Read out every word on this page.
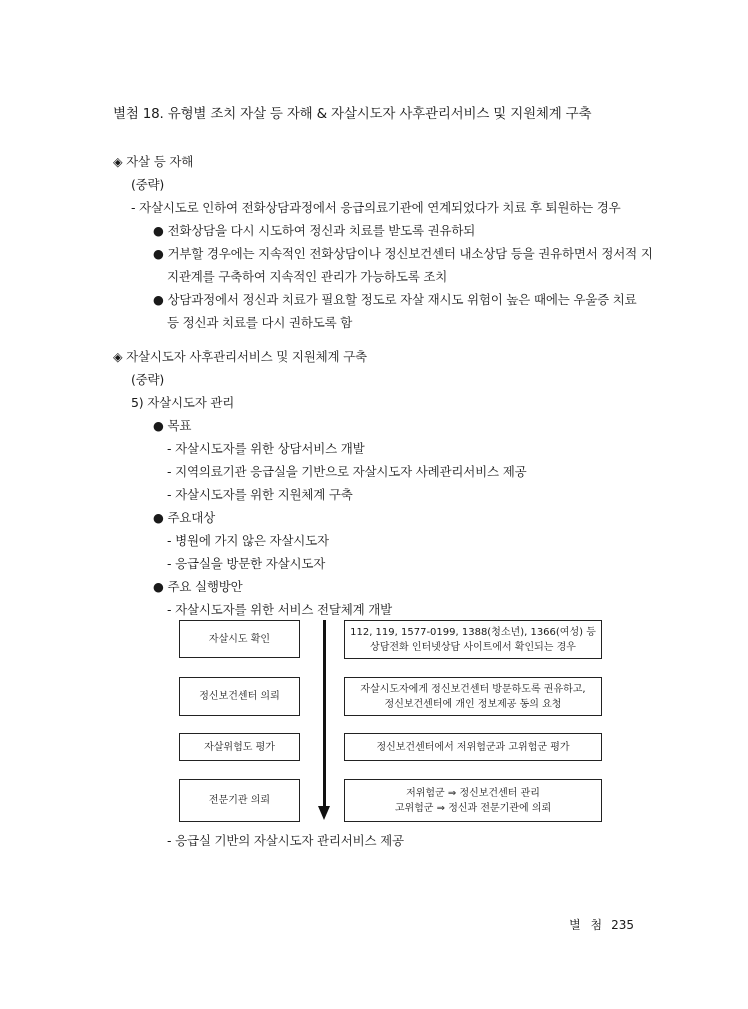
별첨 18. 유형별 조치 자살 등 자해 & 자살시도자 사후관리서비스 및 지원체계 구축
◈ 자살 등 자해
(중략)
- 자살시도로 인하여 전화상담과정에서 응급의료기관에 연계되었다가 치료 후 퇴원하는 경우
● 전화상담을 다시 시도하여 정신과 치료를 받도록 권유하되
● 거부할 경우에는 지속적인 전화상담이나 정신보건센터 내소상담 등을 권유하면서 정서적 지
지관계를 구축하여 지속적인 관리가 가능하도록 조치
● 상담과정에서 정신과 치료가 필요할 정도로 자살 재시도 위험이 높은 때에는 우울증 치료
등 정신과 치료를 다시 권하도록 함
◈ 자살시도자 사후관리서비스 및 지원체계 구축
(중략)
5) 자살시도자 관리
● 목표
- 자살시도자를 위한 상담서비스 개발
- 지역의료기관 응급실을 기반으로 자살시도자 사례관리서비스 제공
- 자살시도자를 위한 지원체계 구축
● 주요대상
- 병원에 가지 않은 자살시도자
- 응급실을 방문한 자살시도자
● 주요 실행방안
- 자살시도자를 위한 서비스 전달체계 개발
자살시도 확인
정신보건센터 의뢰
자살위험도 평가
전문기관 의뢰
112, 119, 1577-0199, 1388(청소년), 1366(여성) 등
상담전화 인터넷상담 사이트에서 확인되는 경우
자살시도자에게 정신보건센터 방문하도록 권유하고,
정신보건센터에 개인 정보제공 동의 요청
정신보건센터에서 저위험군과 고위험군 평가
저위험군 ⇒ 정신보건센터 관리
고위험군 ⇒ 정신과 전문기관에 의뢰
- 응급실 기반의 자살시도자 관리서비스 제공
별 첨 235
